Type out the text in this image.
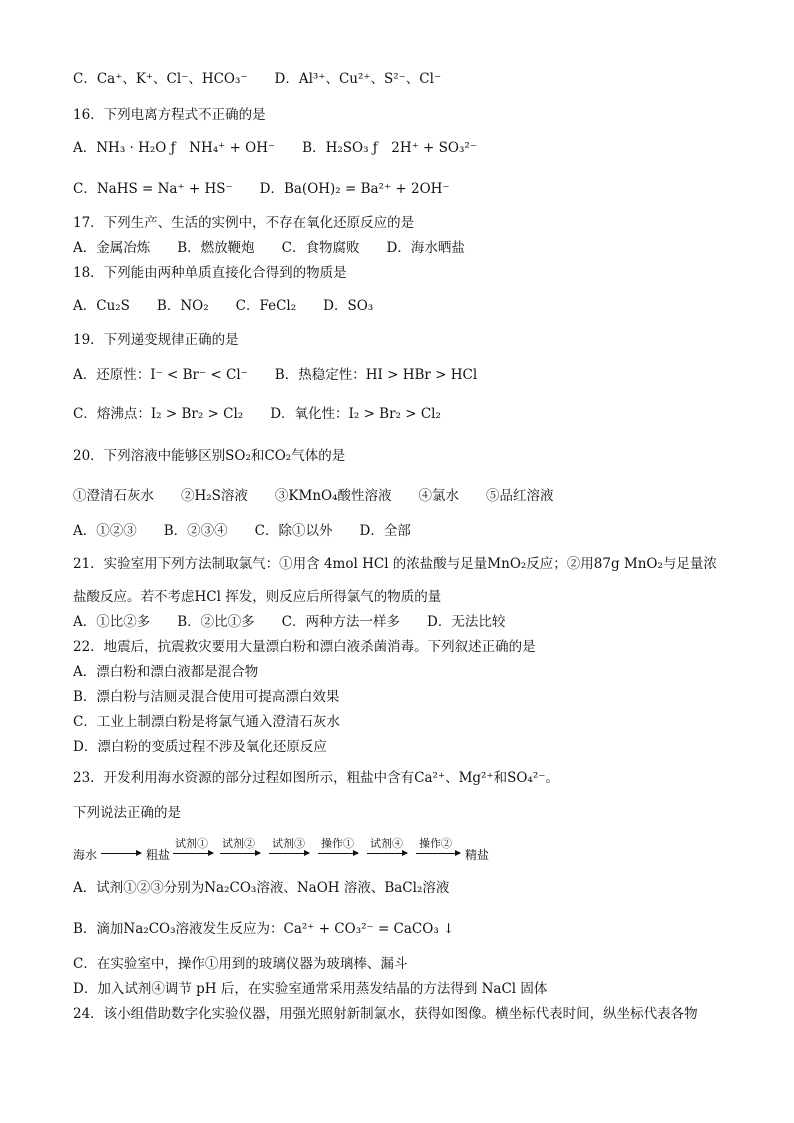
C．Ca⁺、K⁺、Cl⁻、HCO₃⁻　　D．Al³⁺、Cu²⁺、S²⁻、Cl⁻
16．下列电离方程式不正确的是
A．NH₃ · H₂O ƒ　NH₄⁺ + OH⁻　　B．H₂SO₃ ƒ　2H⁺ + SO₃²⁻
C．NaHS = Na⁺ + HS⁻　　D．Ba(OH)₂ = Ba²⁺ + 2OH⁻
17．下列生产、生活的实例中，不存在氧化还原反应的是
A．金属冶炼　　B．燃放鞭炮　　C．食物腐败　　D．海水晒盐
18．下列能由两种单质直接化合得到的物质是
A．Cu₂S　　B．NO₂　　C．FeCl₂　　D．SO₃
19．下列递变规律正确的是
A．还原性：I⁻ < Br⁻ < Cl⁻　　B．热稳定性：HI > HBr > HCl
C．熔沸点：I₂ > Br₂ > Cl₂　　D．氧化性：I₂ > Br₂ > Cl₂
20．下列溶液中能够区别SO₂和CO₂气体的是
①澄清石灰水　　②H₂S溶液　　③KMnO₄酸性溶液　　④氯水　　⑤品红溶液
A．①②③　　B．②③④　　C．除①以外　　D．全部
21．实验室用下列方法制取氯气：①用含 4mol HCl 的浓盐酸与足量MnO₂反应；②用87g MnO₂与足量浓
盐酸反应。若不考虑HCl 挥发，则反应后所得氯气的物质的量
A．①比②多　　B．②比①多　　C．两种方法一样多　　D．无法比较
22．地震后，抗震救灾要用大量漂白粉和漂白液杀菌消毒。下列叙述正确的是
A．漂白粉和漂白液都是混合物
B．漂白粉与洁厕灵混合使用可提高漂白效果
C．工业上制漂白粉是将氯气通入澄清石灰水
D．漂白粉的变质过程不涉及氧化还原反应
23．开发利用海水资源的部分过程如图所示，粗盐中含有Ca²⁺、Mg²⁺和SO₄²⁻。
下列说法正确的是
海水	粗盐
试剂① 试剂② 试剂③ 操作① 试剂④ 操作②
精盐
A．试剂①②③分别为Na₂CO₃溶液、NaOH 溶液、BaCl₂溶液
B．滴加Na₂CO₃溶液发生反应为：Ca²⁺ + CO₃²⁻ = CaCO₃ ↓
C．在实验室中，操作①用到的玻璃仪器为玻璃棒、漏斗
D．加入试剂④调节 pH 后，在实验室通常采用蒸发结晶的方法得到 NaCl 固体
24．该小组借助数字化实验仪器，用强光照射新制氯水，获得如图像。横坐标代表时间，纵坐标代表各物
